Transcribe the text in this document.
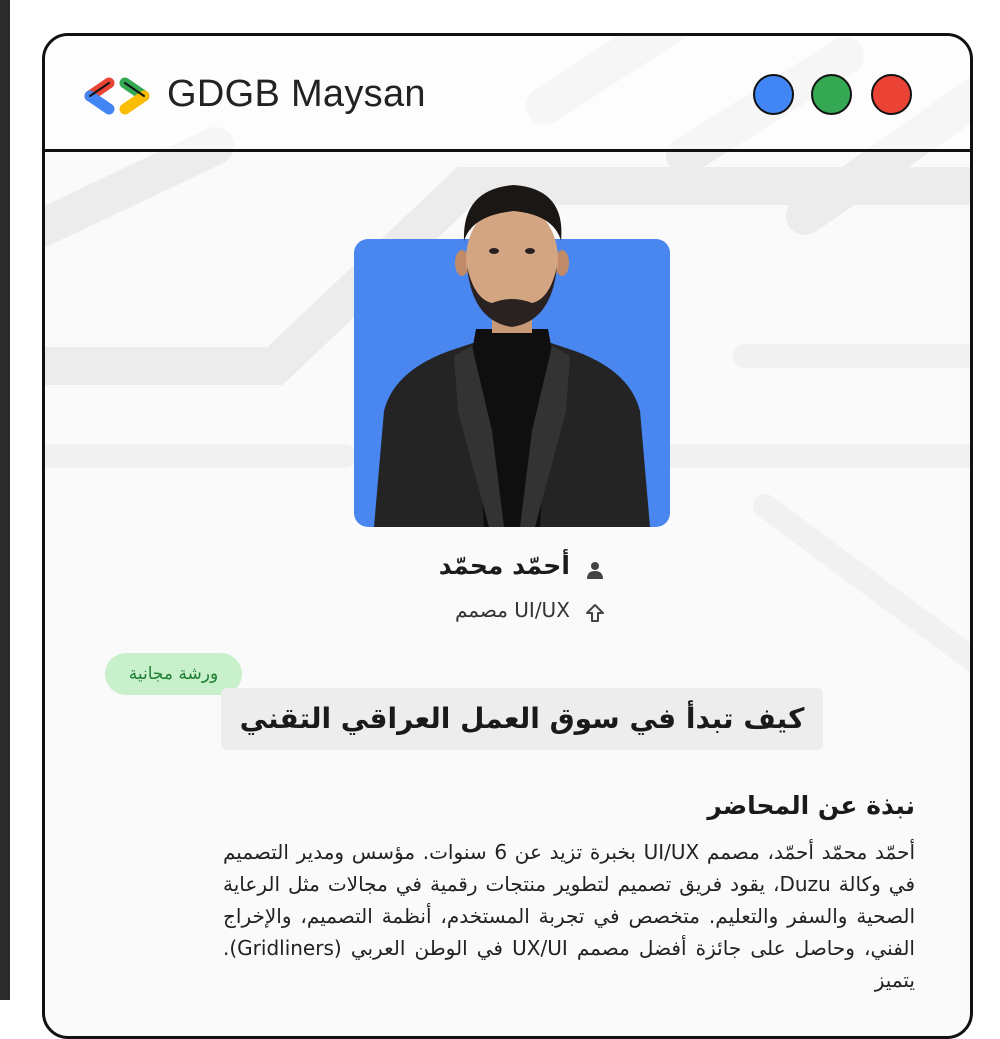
GDGB Maysan
أحمّد محمّد
UI/UX مصمم
ورشة مجانية
كيف تبدأ في سوق العمل العراقي التقني
نبذة عن المحاضر
أحمّد محمّد أحمّد، مصمم UI/UX بخبرة تزيد عن 6 سنوات. مؤسس ومدير التصميم في وكالة Duzu، يقود فريق تصميم لتطوير منتجات رقمية في مجالات مثل الرعاية الصحية والسفر والتعليم. متخصص في تجربة المستخدم، أنظمة التصميم، والإخراج الفني، وحاصل على جائزة أفضل مصمم UX/UI في الوطن العربي (Gridliners). يتميز
